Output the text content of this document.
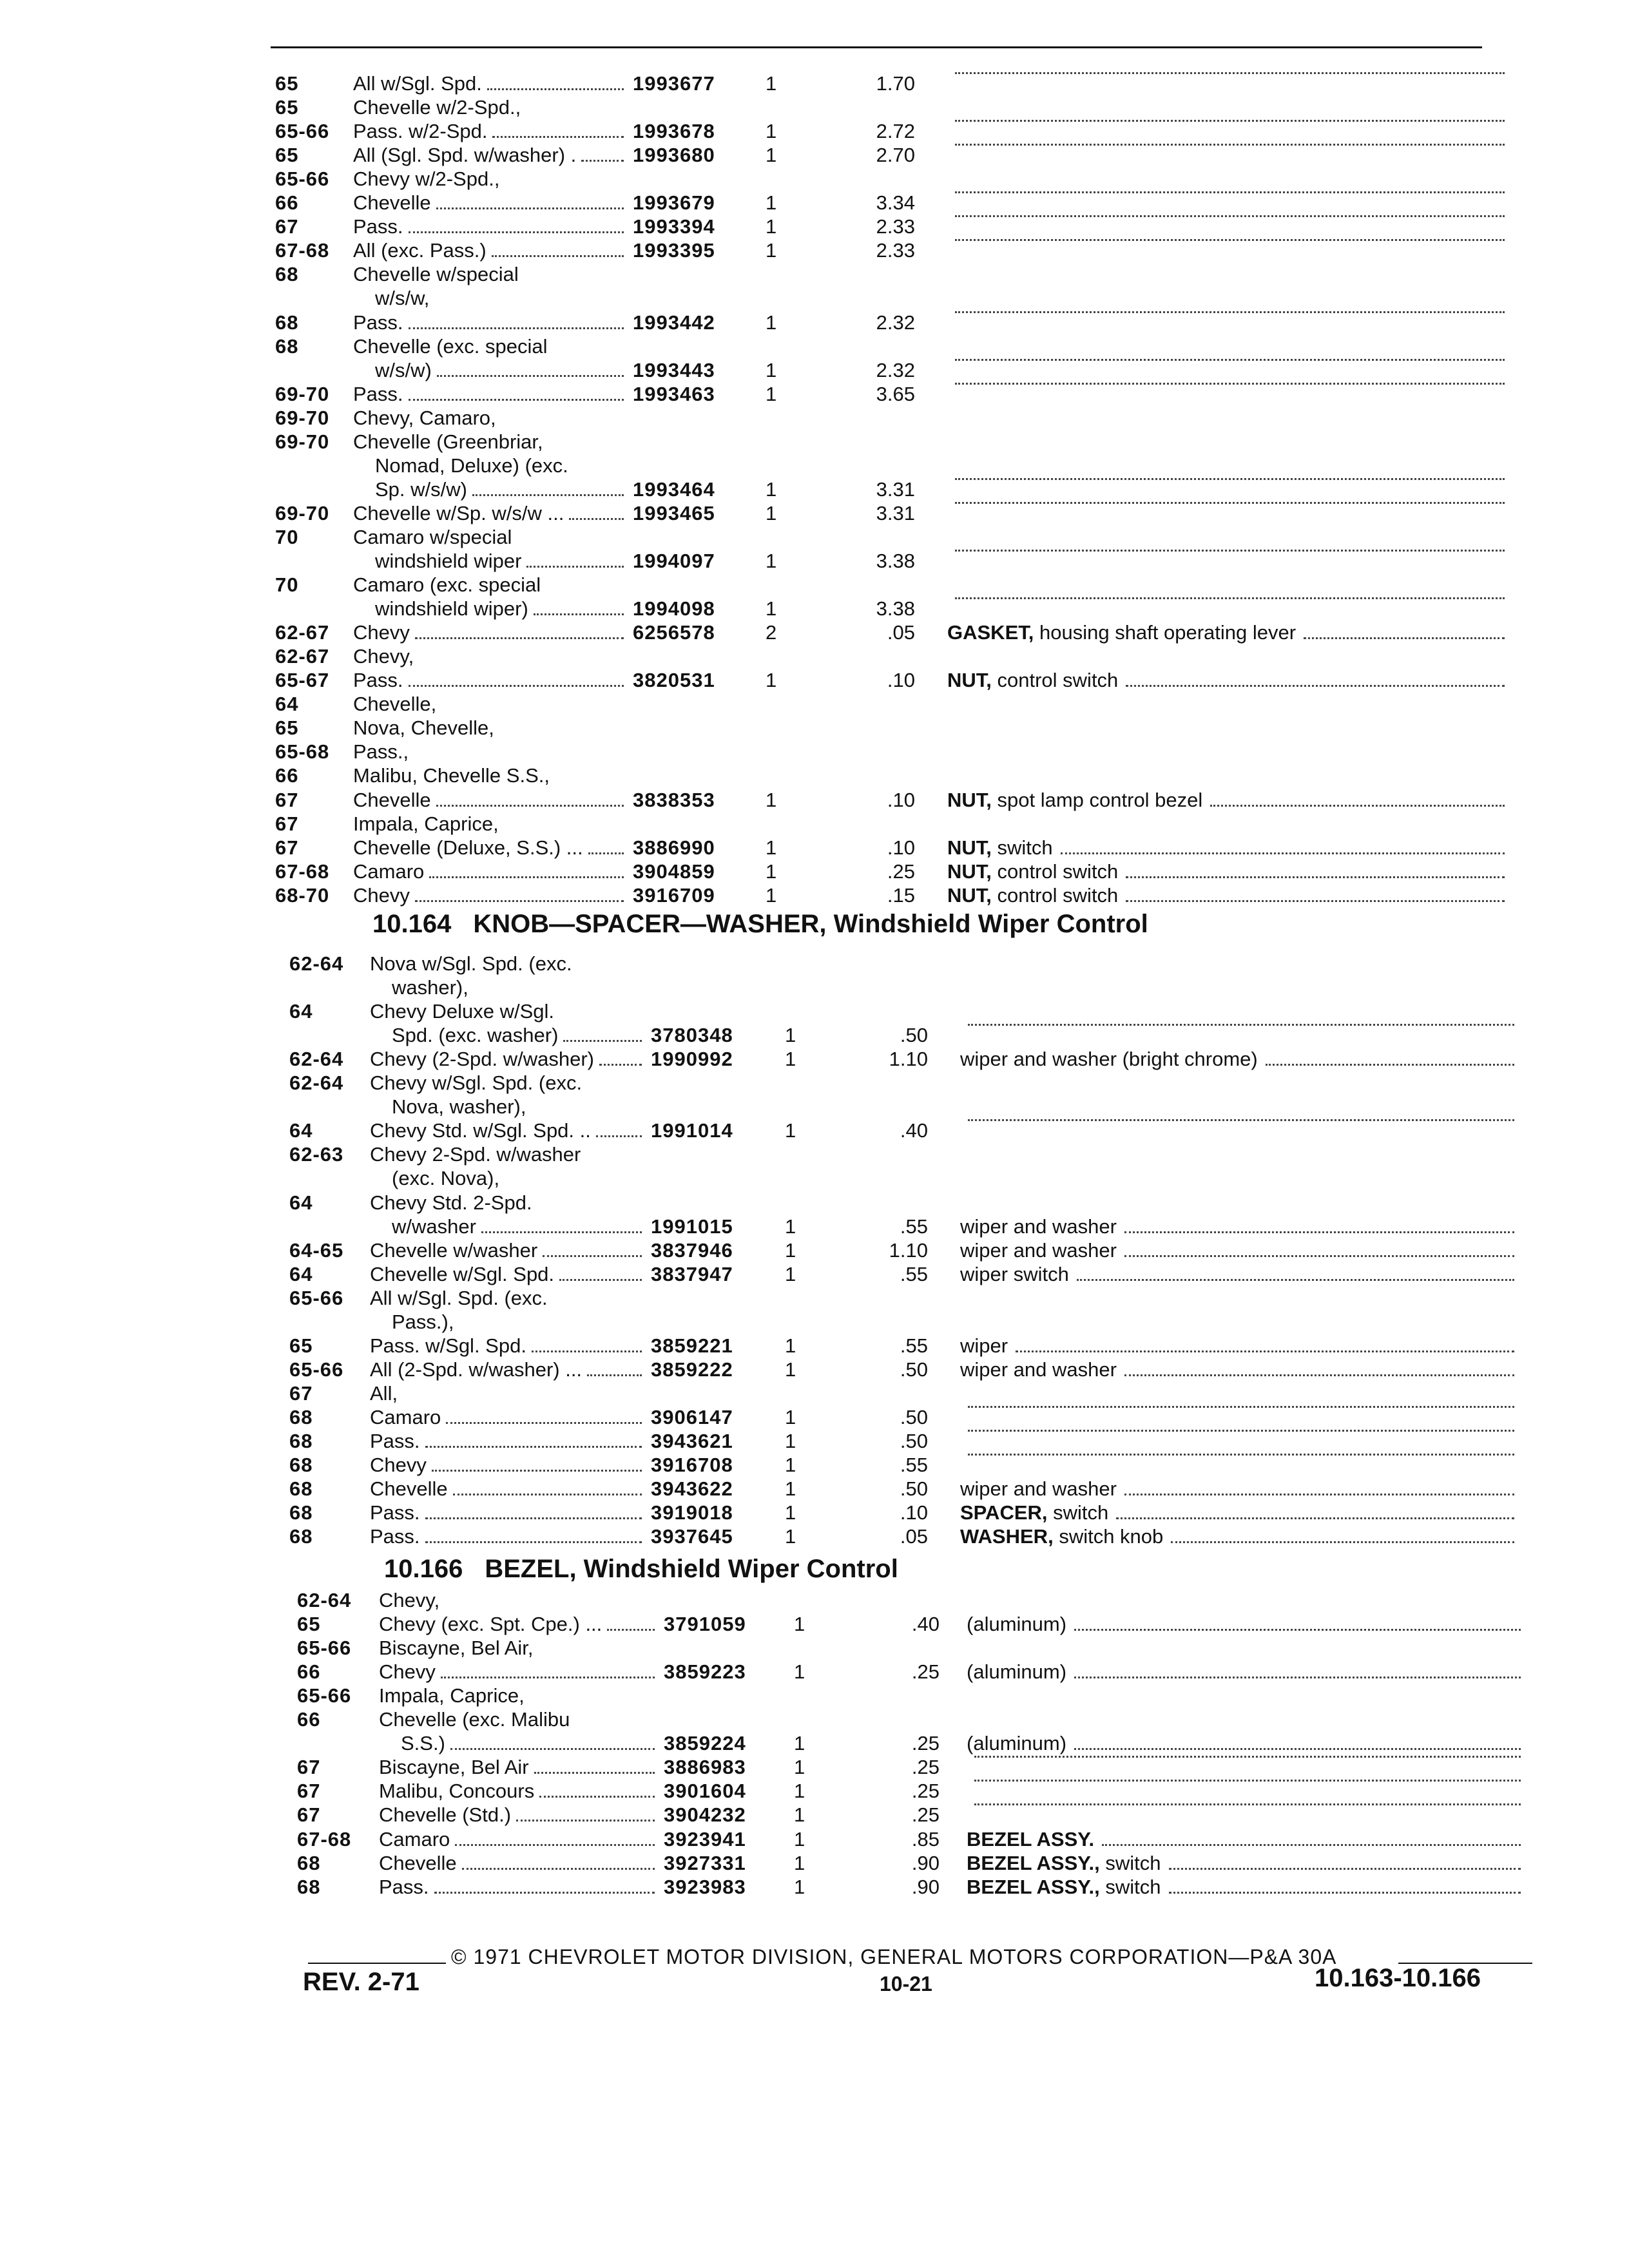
65	All w/Sgl. Spd.	1993677	1	1.70
65	Chevelle w/2-Spd.,
65-66 Pass. w/2-Spd.	1993678	1	2.72
65	All (Sgl. Spd. w/washer) .	1993680	1	2.70
65-66 Chevy w/2-Spd.,
66	Chevelle	1993679	1	3.34
67	Pass.	1993394	1	2.33
67-68 All (exc. Pass.)	1993395	1	2.33
68	Chevelle w/special
w/s/w,
68	Pass.	1993442	1	2.32
68	Chevelle (exc. special
w/s/w)	1993443	1	2.32
69-70 Pass.	1993463	1	3.65
69-70 Chevy, Camaro,
69-70 Chevelle (Greenbriar,
Nomad, Deluxe) (exc.
Sp. w/s/w)	1993464	1	3.31
69-70 Chevelle w/Sp. w/s/w ...	1993465	1	3.31
70	Camaro w/special
windshield wiper	1994097	1	3.38
70	Camaro (exc. special
windshield wiper)	1994098	1	3.38
62-67 Chevy	6256578	2	.05 GASKET, housing shaft operating lever
62-67 Chevy,
65-67 Pass.	3820531	1	.10 NUT, control switch
64	Chevelle,
65	Nova, Chevelle,
65-68 Pass.,
66	Malibu, Chevelle S.S.,
67	Chevelle	3838353	1	.10 NUT, spot lamp control bezel
67	Impala, Caprice,
67	Chevelle (Deluxe, S.S.) ... 3886990	1	.10 NUT, switch
67-68 Camaro	3904859	1	.25 NUT, control switch
68-70 Chevy	3916709	1	.15 NUT, control switch
10.164 KNOB—SPACER—WASHER, Windshield Wiper Control
62-64 Nova w/Sgl. Spd. (exc.
washer),
64	Chevy Deluxe w/Sgl.
Spd. (exc. washer)	3780348	1	.50
62-64 Chevy (2-Spd. w/washer)	1990992	1	1.10 wiper and washer (bright chrome)
62-64 Chevy w/Sgl. Spd. (exc.
Nova, washer),
64	Chevy Std. w/Sgl. Spd. ..	1991014	1	.40
62-63 Chevy 2-Spd. w/washer
(exc. Nova),
64	Chevy Std. 2-Spd.
w/washer	1991015	1	.55 wiper and washer
64-65 Chevelle w/washer	3837946	1	1.10 wiper and washer
64	Chevelle w/Sgl. Spd.	3837947	1	.55 wiper switch
65-66 All w/Sgl. Spd. (exc.
Pass.),
65	Pass. w/Sgl. Spd.	3859221	1	.55 wiper
65-66 All (2-Spd. w/washer) ...	3859222	1	.50 wiper and washer
67	All,
68	Camaro	3906147	1	.50
68	Pass.	3943621	1	.50
68	Chevy	3916708	1	.55
68	Chevelle	3943622	1	.50 wiper and washer
68	Pass.	3919018	1	.10 SPACER, switch
68	Pass.	3937645	1	.05 WASHER, switch knob
10.166 BEZEL, Windshield Wiper Control
62-64 Chevy,
65	Chevy (exc. Spt. Cpe.) ...	3791059 1	.40 (aluminum)
65-66 Biscayne, Bel Air,
66	Chevy	3859223 1	.25 (aluminum)
65-66 Impala, Caprice,
66	Chevelle (exc. Malibu
S.S.)	3859224 1	.25 (aluminum)
67	Biscayne, Bel Air	3886983 1	.25
67	Malibu, Concours	3901604 1	.25
67	Chevelle (Std.)	3904232 1	.25
67-68 Camaro	3923941 1	.85 BEZEL ASSY.
68	Chevelle	3927331 1	.90 BEZEL ASSY., switch
68	Pass.	3923983 1	.90 BEZEL ASSY., switch
© 1971 CHEVROLET MOTOR DIVISION, GENERAL MOTORS CORPORATION—P&A 30A
REV. 2-71	10-21	10.163-10.166
